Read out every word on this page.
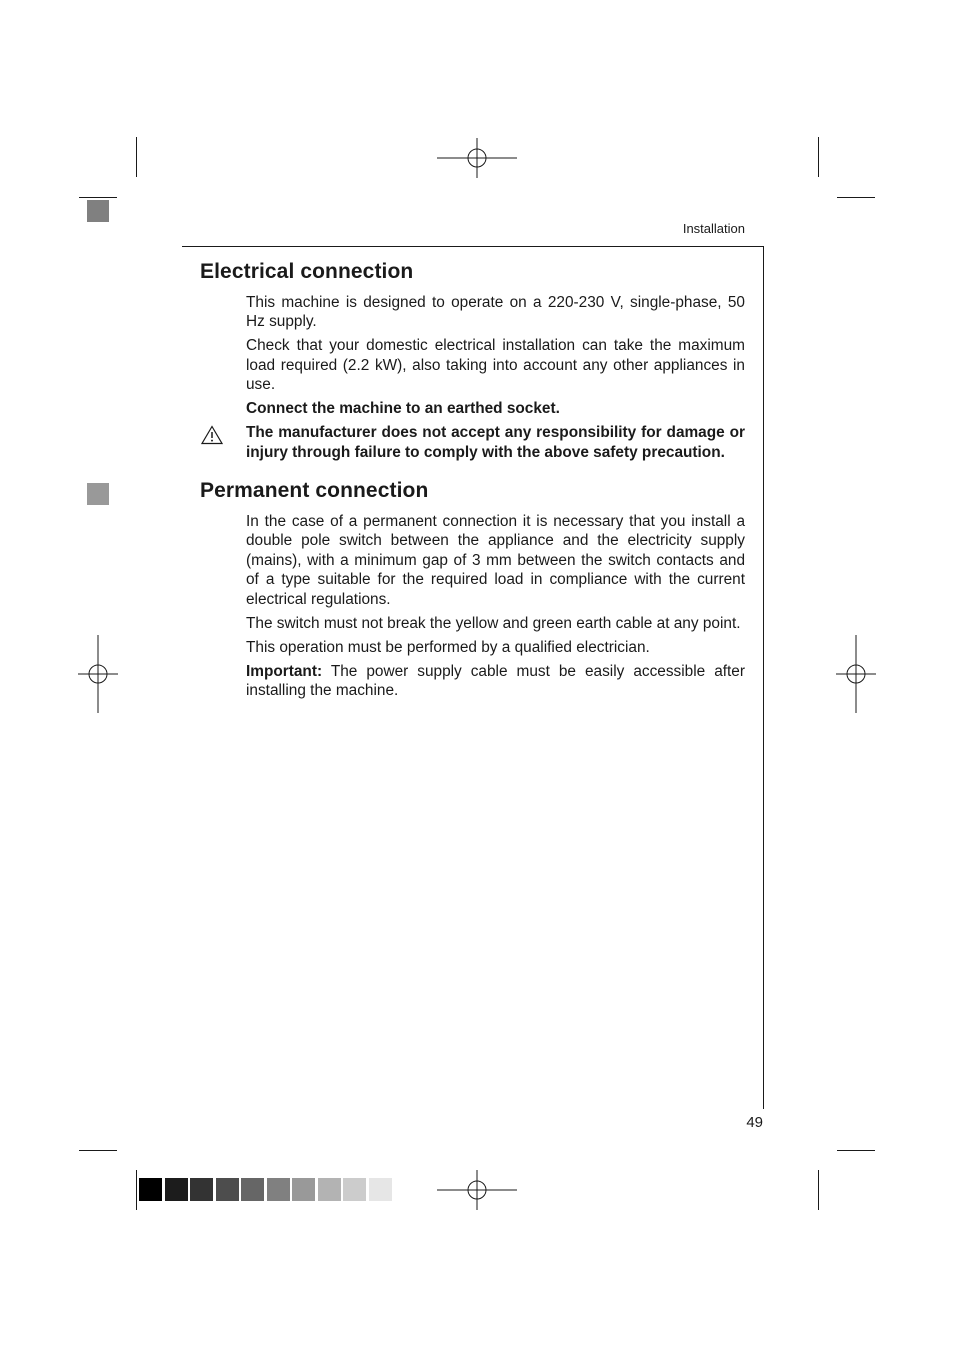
Installation
Electrical connection

This machine is designed to operate on a 220-230 V, single-phase, 50 Hz supply.

Check that your domestic electrical installation can take the maximum load required (2.2 kW), also taking into account any other appliances in use.

Connect the machine to an earthed socket.

The manufacturer does not accept any responsibility for damage or injury through failure to comply with the above safety precaution.

Permanent connection

In the case of a permanent connection it is necessary that you install a double pole switch between the appliance and the electricity supply (mains), with a minimum gap of 3 mm between the switch contacts and of a type suitable for the required load in compliance with the current electrical regulations.

The switch must not break the yellow and green earth cable at any point.

This operation must be performed by a qualified electrician.

Important: The power supply cable must be easily accessible after installing the machine.

49
